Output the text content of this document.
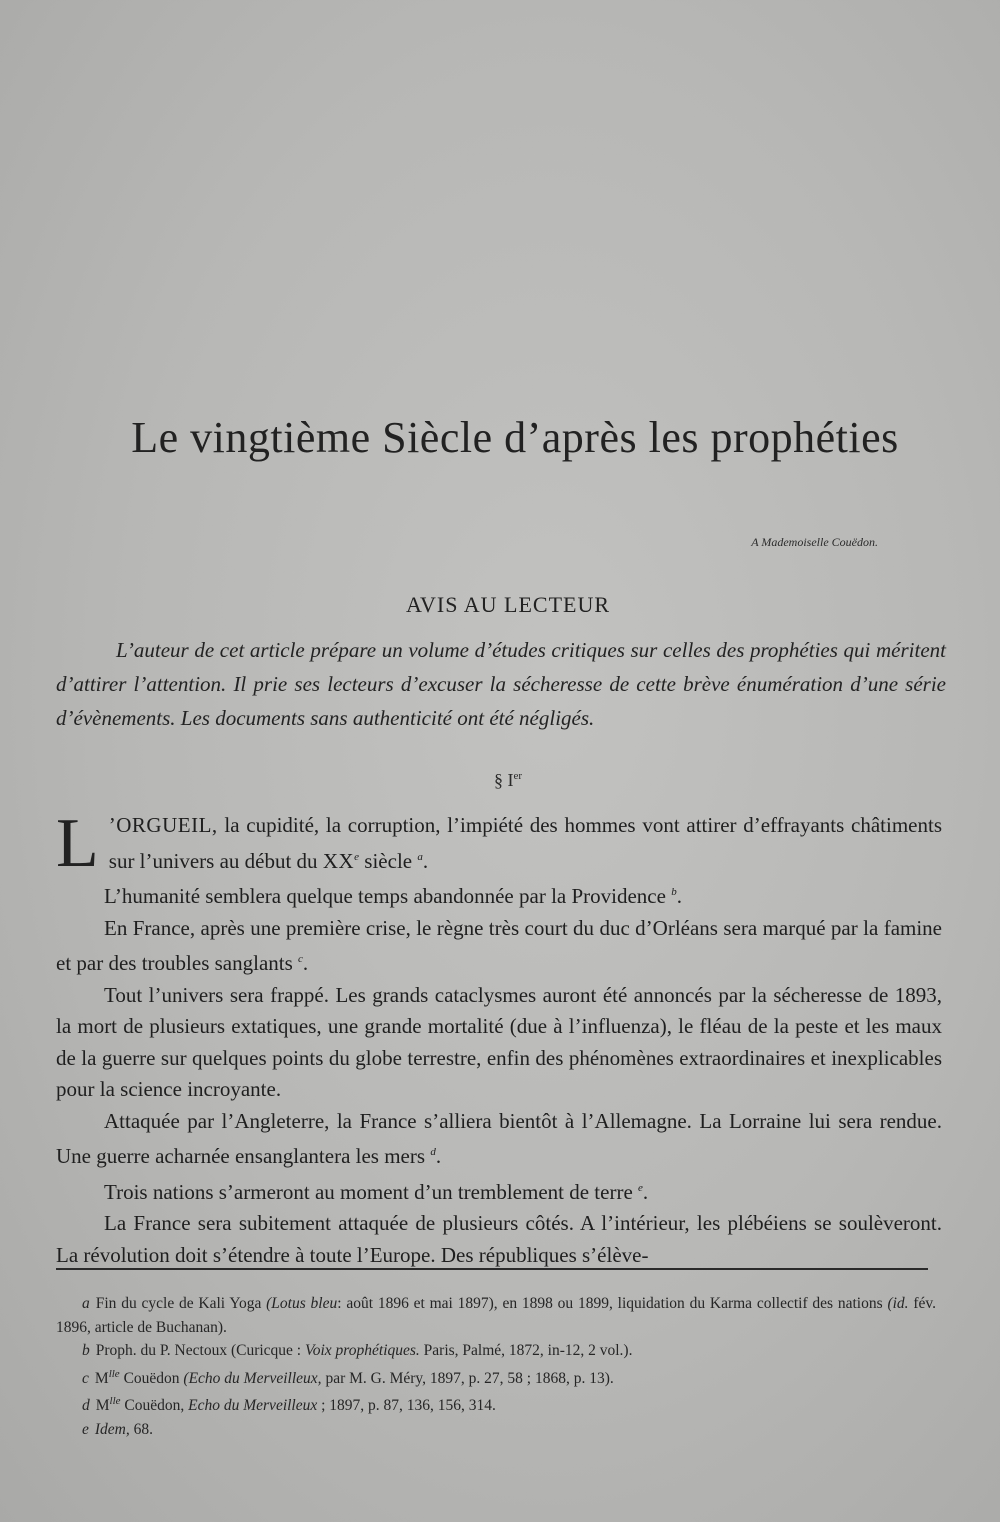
Le vingtième Siècle d’après les prophéties
A Mademoiselle Couëdon.
AVIS AU LECTEUR

L’auteur de cet article prépare un volume d’études critiques sur celles des prophéties qui méritent d’attirer l’attention. Il prie ses lecteurs d’excuser la sécheresse de cette brève énumération d’une série d’évènements. Les documents sans authenticité ont été négligés.

§ Ier

L ’ORGUEIL, la cupidité, la corruption, l’impiété des hommes vont attirer d’effrayants châtiments sur l’univers au début du XXe siècle $^a$.

L’humanité semblera quelque temps abandonnée par la Providence $^b$.

En France, après une première crise, le règne très court du duc d’Orléans sera marqué par la famine et par des troubles sanglants $^c$.

Tout l’univers sera frappé. Les grands cataclysmes auront été annoncés par la sécheresse de 1893, la mort de plusieurs extatiques, une grande mortalité (due à l’influenza), le fléau de la peste et les maux de la guerre sur quelques points du globe terrestre, enfin des phénomènes extraordinaires et inexplicables pour la science incroyante.

Attaquée par l’Angleterre, la France s’alliera bientôt à l’Allemagne. La Lorraine lui sera rendue. Une guerre acharnée ensanglantera les mers $^d$.

Trois nations s’armeront au moment d’un tremblement de terre $^e$.

La France sera subitement attaquée de plusieurs côtés. A l’intérieur, les plébéiens se soulèveront. La révolution doit s’étendre à toute l’Europe. Des républiques s’élève-

a Fin du cycle de Kali Yoga (Lotus bleu: août 1896 et mai 1897), en 1898 ou 1899, liquidation du Karma collectif des nations (id. fév. 1896, article de Buchanan).

b Proph. du P. Nectoux (Curicque : Voix prophétiques. Paris, Palmé, 1872, in-12, 2 vol.).

c $M^{lle}$ Couëdon (Echo du Merveilleux, par M. G. Méry, 1897, p. 27, 58 ; 1868, p. 13).

d $M^{lle}$ Couëdon, Echo du Merveilleux ; 1897, p. 87, 136, 156, 314.

e Idem, 68.
